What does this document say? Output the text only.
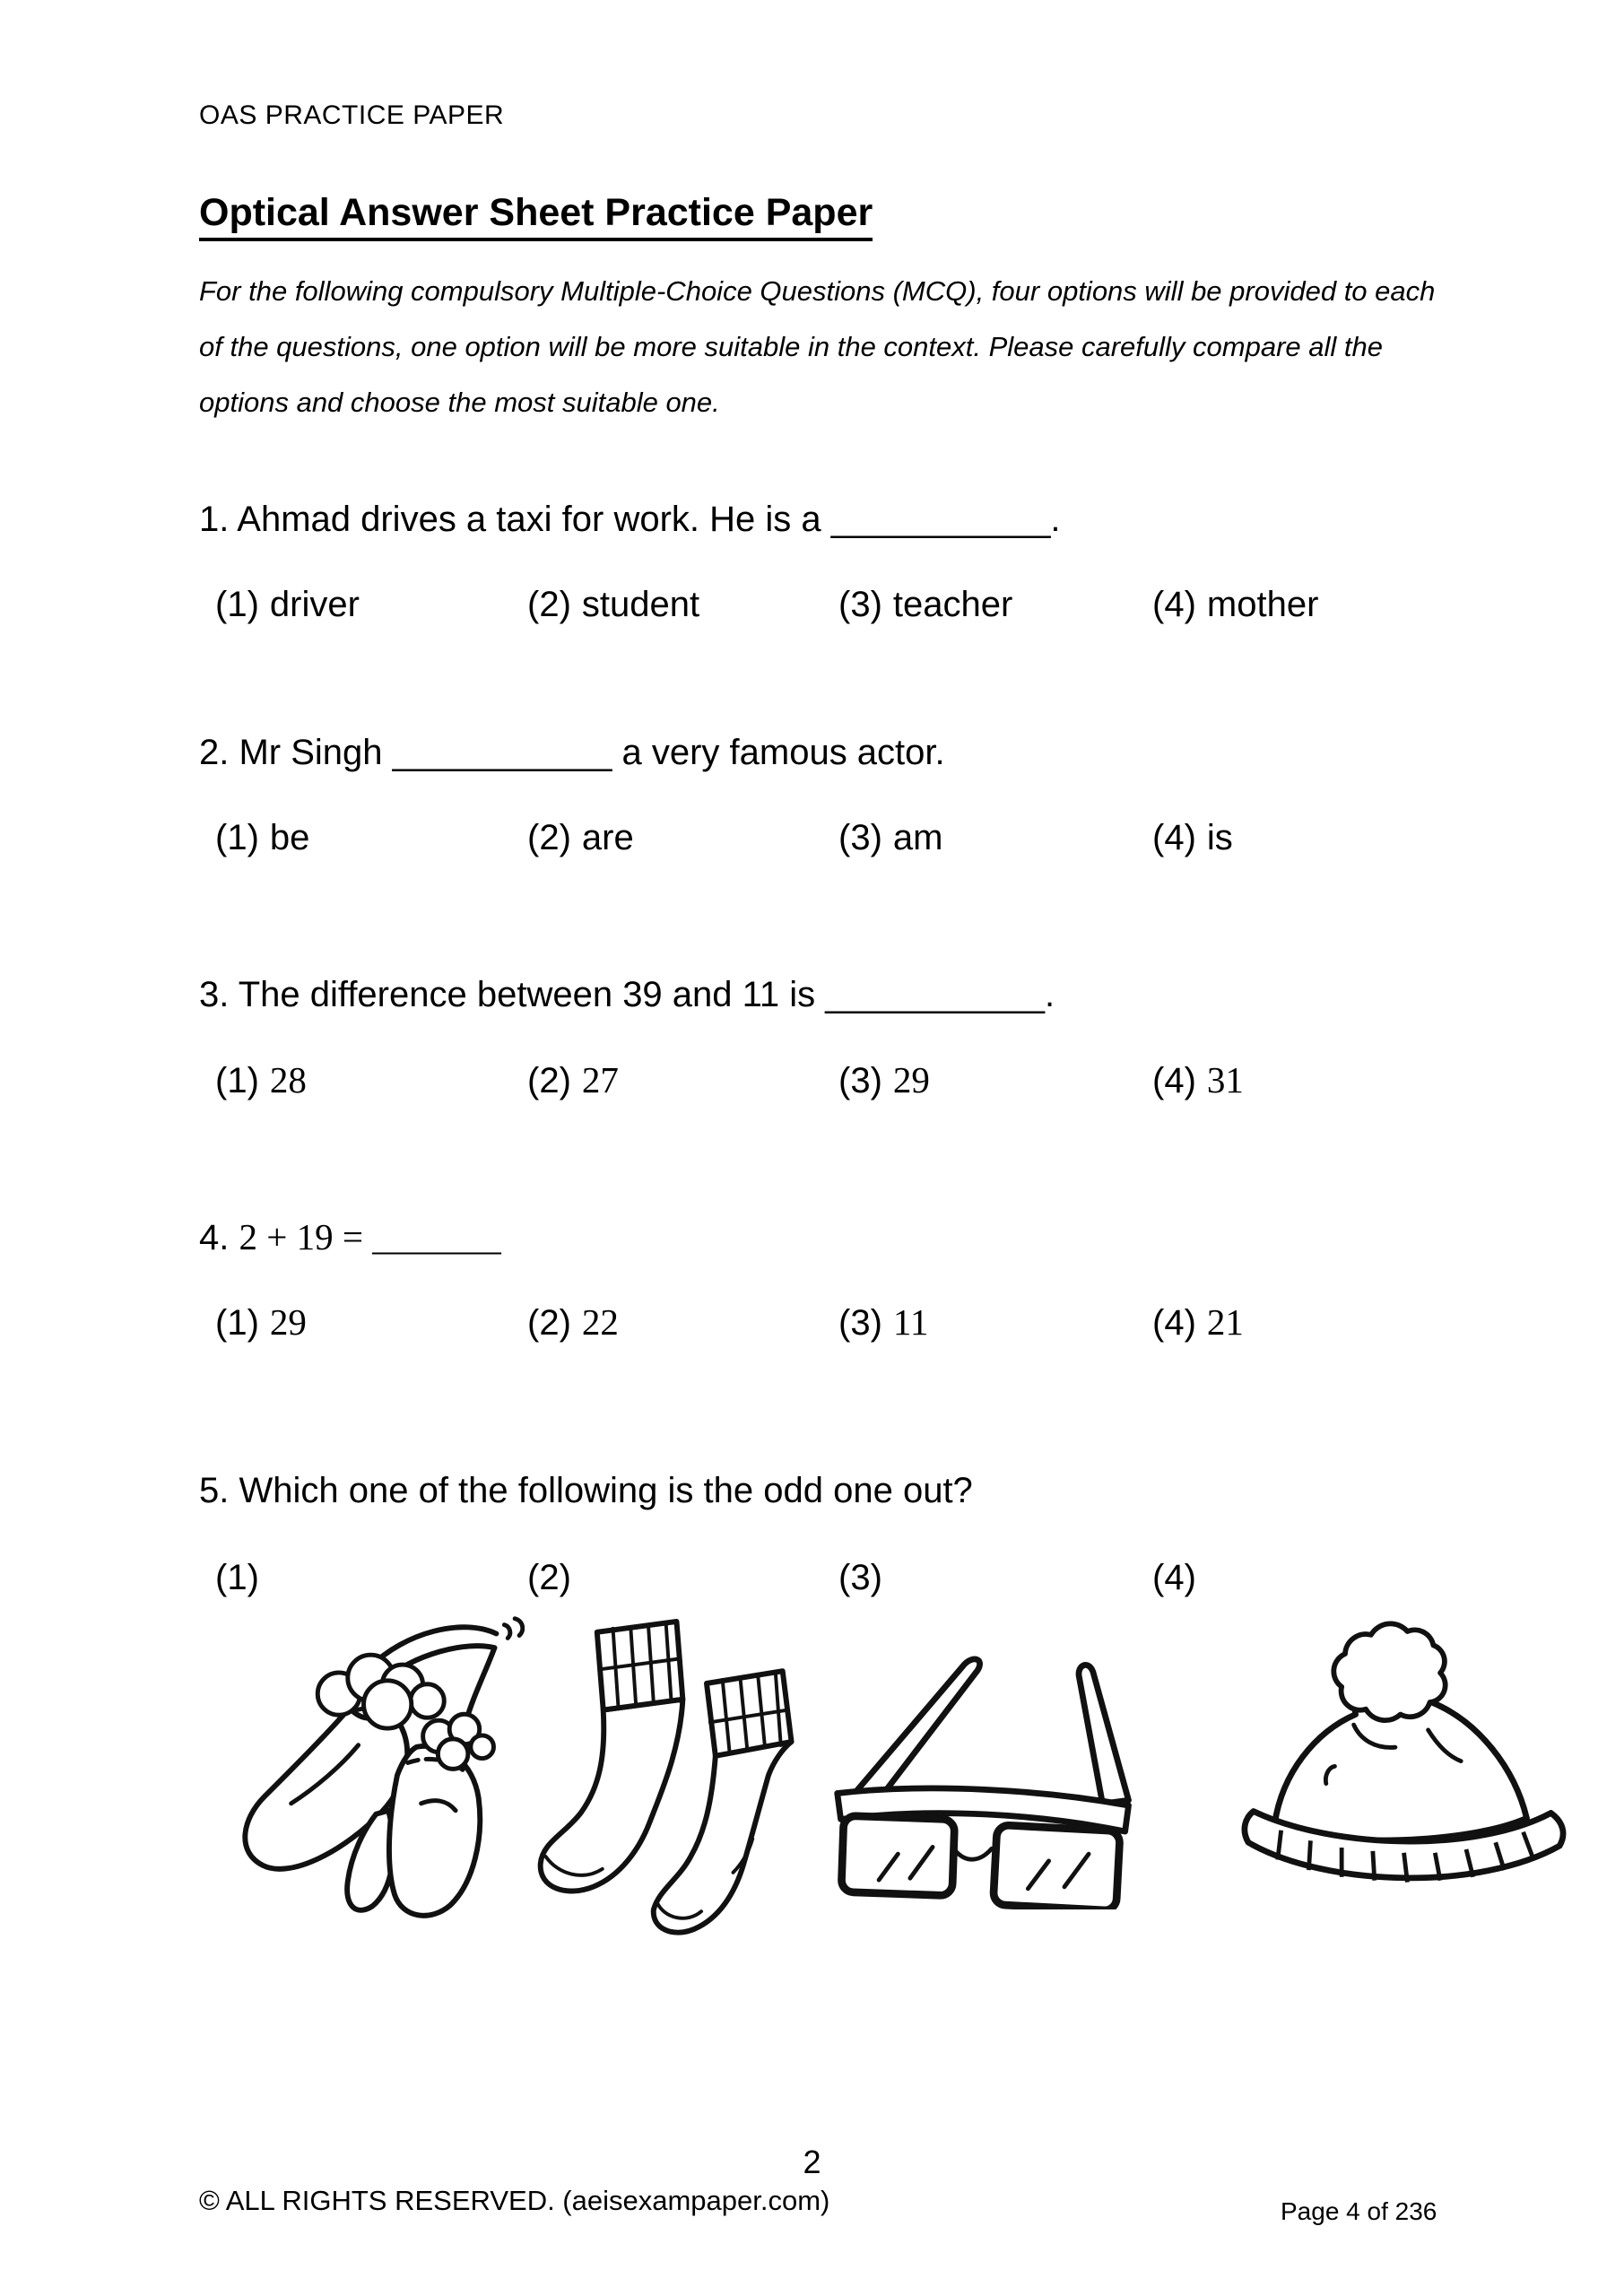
OAS PRACTICE PAPER
Optical Answer Sheet Practice Paper
For the following compulsory Multiple-Choice Questions (MCQ), four options will be provided to each
of the questions, one option will be more suitable in the context. Please carefully compare all the
options and choose the most suitable one.
1. Ahmad drives a taxi for work. He is a ___________.
(1) driver	(2) student	(3) teacher	(4) mother
2. Mr Singh ___________ a very famous actor.
(1) be	(2) are	(3) am	(4) is
3. The difference between 39 and 11 is ___________.
(1) 28	(2) 27	(3) 29	(4) 31
4. 2 + 19 = _______
(1) 29	(2) 22	(3) 11	(4) 21
5. Which one of the following is the odd one out?
(1)	(2)	(3)	(4)
2
© ALL RIGHTS RESERVED. (aeisexampaper.com)	Page 4 of 236
